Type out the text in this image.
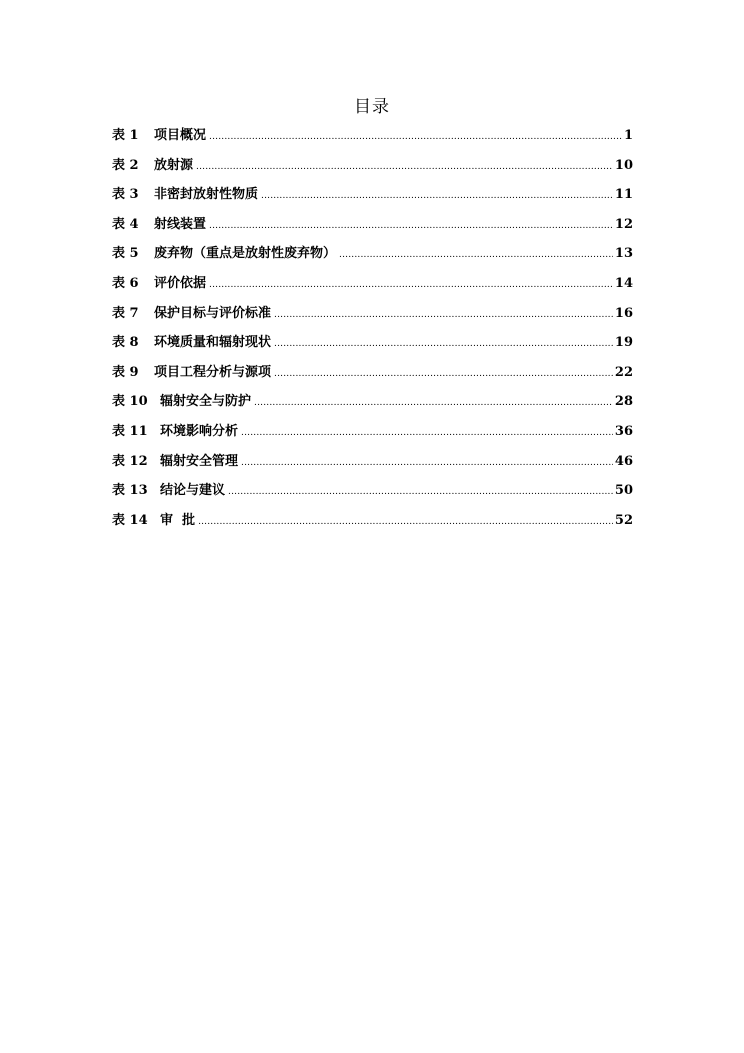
目录
表 1	项目概况 .....	1
表 2	放射源 .....	10
表 3	非密封放射性物质 .....	11
表 4	射线装置 .....	12
表 5	废弃物（重点是放射性废弃物） .....	13
表 6	评价依据 .....	14
表 7	保护目标与评价标准 .....	16
表 8	环境质量和辐射现状 .....	19
表 9	项目工程分析与源项 .....	22
表 10 辐射安全与防护 .....	28
表 11 环境影响分析 .....	36
表 12 辐射安全管理 .....	46
表 13 结论与建议 .....	50
表 14 审  批 .....	52
